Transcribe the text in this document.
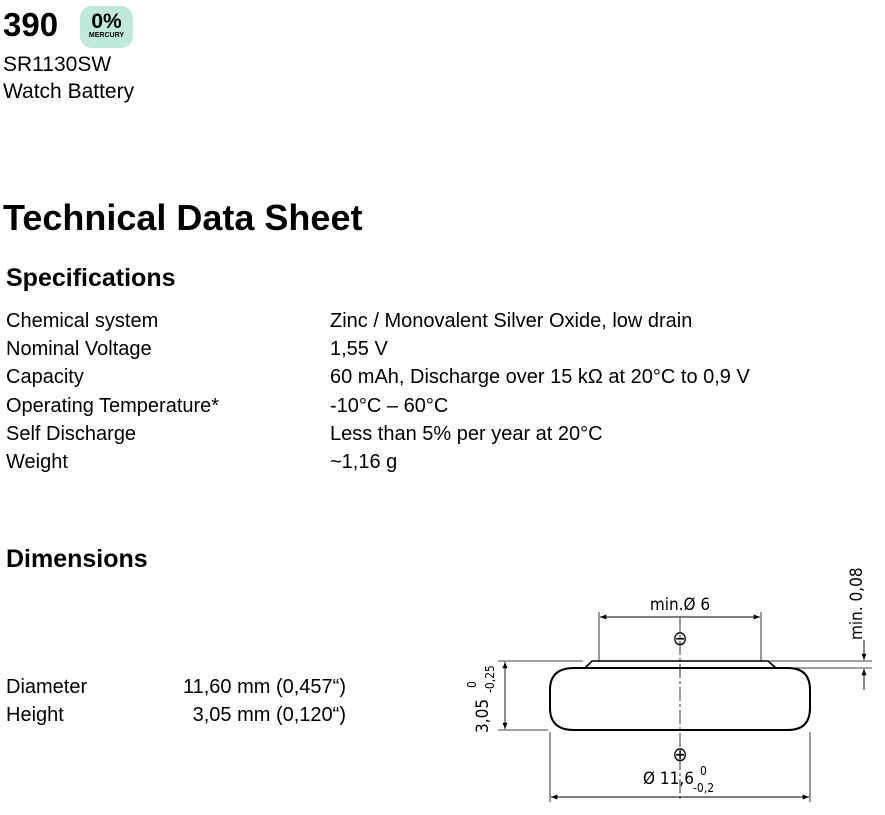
390	0%
MERCURY
SR1130SW
Watch Battery
Technical Data Sheet
Specifications
Chemical system	Zinc / Monovalent Silver Oxide, low drain
Nominal Voltage	1,55 V
Capacity	60 mAh, Discharge over 15 kΩ at 20°C to 0,9 V
Operating Temperature*	-10°C – 60°C
Self Discharge	Less than 5% per year at 20°C
Weight	~1,16 g
Dimensions
Diameter	11,60 mm (0,457“)
Height	3,05 mm (0,120“)
min.Ø 6
⊖
⊕
Ø 11,6 0
-0,2
3,05
0 -0,25
min. 0,08
